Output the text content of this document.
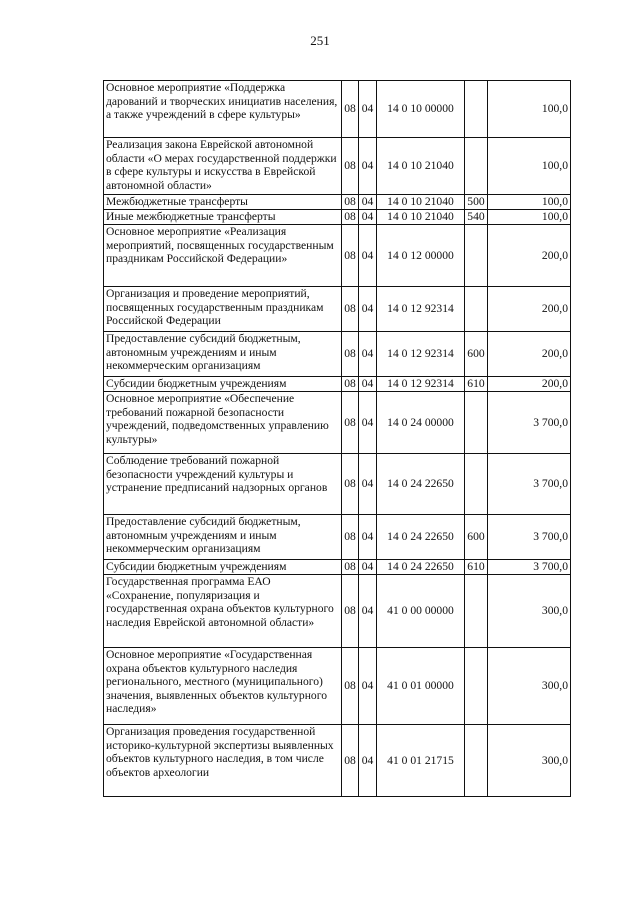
251
Основное мероприятие «Поддержка дарований и творческих инициатив населения, а также учреждений в сфере культуры»	08	04	14 0 10 00000		100,0
Реализация закона Еврейской автономной области «О мерах государственной поддержки в сфере культуры и искусства в Еврейской автономной области»	08	04	14 0 10 21040		100,0
Межбюджетные трансферты	08	04	14 0 10 21040	500	100,0
Иные межбюджетные трансферты	08	04	14 0 10 21040	540	100,0
Основное мероприятие «Реализация мероприятий, посвященных государственным праздникам Российской Федерации»	08	04	14 0 12 00000		200,0
Организация и проведение мероприятий, посвященных государственным праздникам Российской Федерации	08	04	14 0 12 92314		200,0
Предоставление субсидий бюджетным, автономным учреждениям и иным некоммерческим организациям	08	04	14 0 12 92314	600	200,0
Субсидии бюджетным учреждениям	08	04	14 0 12 92314	610	200,0
Основное мероприятие «Обеспечение требований пожарной безопасности учреждений, подведомственных управлению культуры»	08	04	14 0 24 00000		3 700,0
Соблюдение требований пожарной безопасности учреждений культуры и устранение предписаний надзорных органов	08	04	14 0 24 22650		3 700,0
Предоставление субсидий бюджетным, автономным учреждениям и иным некоммерческим организациям	08	04	14 0 24 22650	600	3 700,0
Субсидии бюджетным учреждениям	08	04	14 0 24 22650	610	3 700,0
Государственная программа ЕАО «Сохранение, популяризация и государственная охрана объектов культурного наследия Еврейской автономной области»	08	04	41 0 00 00000		300,0
Основное мероприятие «Государственная охрана объектов культурного наследия регионального, местного (муниципального) значения, выявленных объектов культурного наследия»	08	04	41 0 01 00000		300,0
Организация проведения государственной историко-культурной экспертизы выявленных объектов культурного наследия, в том числе объектов археологии	08	04	41 0 01 21715		300,0
